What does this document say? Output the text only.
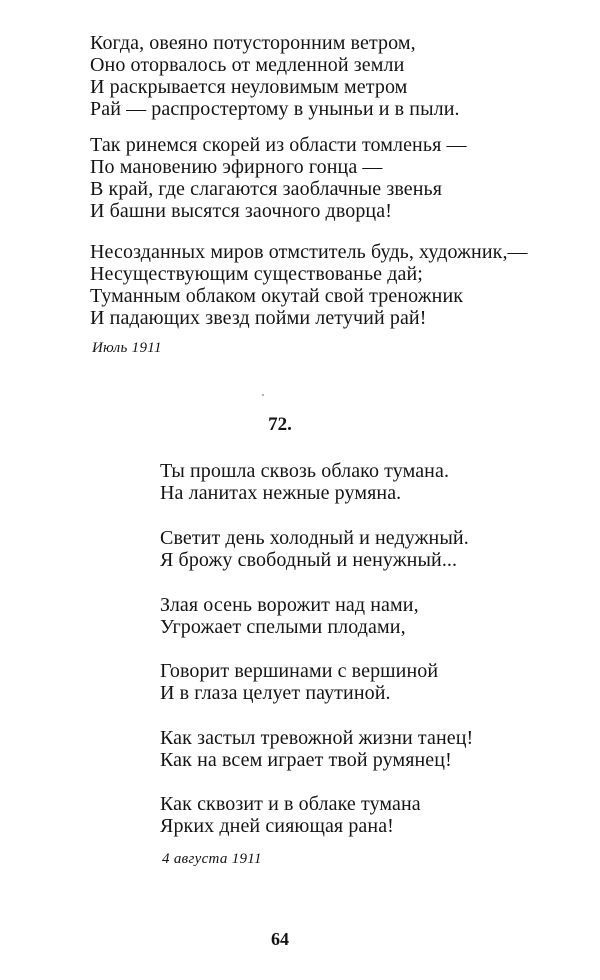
Когда, овеяно потусторонним ветром,
Оно оторвалось от медленной земли
И раскрывается неуловимым метром
Рай — распростертому в уныньи и в пыли.
Так ринемся скорей из области томленья —
По мановению эфирного гонца —
В край, где слагаются заоблачные звенья
И башни высятся заочного дворца!
Несозданных миров отмститель будь, художник,—
Несуществующим существованье дай;
Туманным облаком окутай свой треножник
И падающих звезд пойми летучий рай!
Июль 1911
72.
Ты прошла сквозь облако тумана.
На ланитах нежные румяна.
Светит день холодный и недужный.
Я брожу свободный и ненужный...
Злая осень ворожит над нами,
Угрожает спелыми плодами,
Говорит вершинами с вершиной
И в глаза целует паутиной.
Как застыл тревожной жизни танец!
Как на всем играет твой румянец!
Как сквозит и в облаке тумана
Ярких дней сияющая рана!
4 августа 1911
64
